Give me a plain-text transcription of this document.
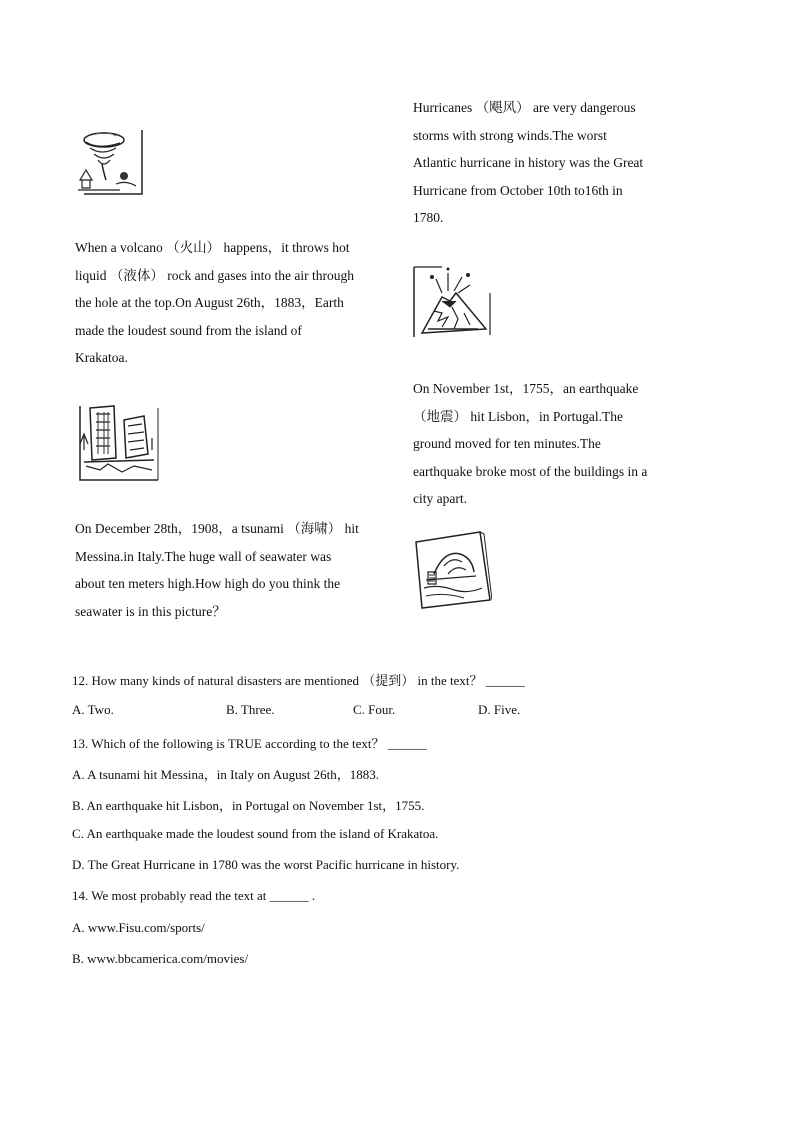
Hurricanes （飓风） are very dangerous
storms with strong winds.The worst
Atlantic hurricane in history was the Great
Hurricane from October 10th to16th in
1780.
When a volcano （火山） happens，it throws hot
liquid （液体） rock and gases into the air through
the hole at the top.On August 26th，1883，Earth
made the loudest sound from the island of
Krakatoa.
On November 1st，1755，an earthquake
（地震） hit Lisbon，in Portugal.The
ground moved for ten minutes.The
earthquake broke most of the buildings in a
city apart.
On December 28th，1908，a tsunami （海啸） hit
Messina.in Italy.The huge wall of seawater was
about ten meters high.How high do you think the
seawater is in this picture？
12. How many kinds of natural disasters are mentioned （提到） in the text？ ______
A. Two.	B. Three.	C. Four.	D. Five.
13. Which of the following is TRUE according to the text？ ______
A. A tsunami hit Messina，in Italy on August 26th，1883.
B. An earthquake hit Lisbon，in Portugal on November 1st，1755.
C. An earthquake made the loudest sound from the island of Krakatoa.
D. The Great Hurricane in 1780 was the worst Pacific hurricane in history.
14. We most probably read the text at ______ .
A. www.Fisu.com/sports/
B. www.bbcamerica.com/movies/
